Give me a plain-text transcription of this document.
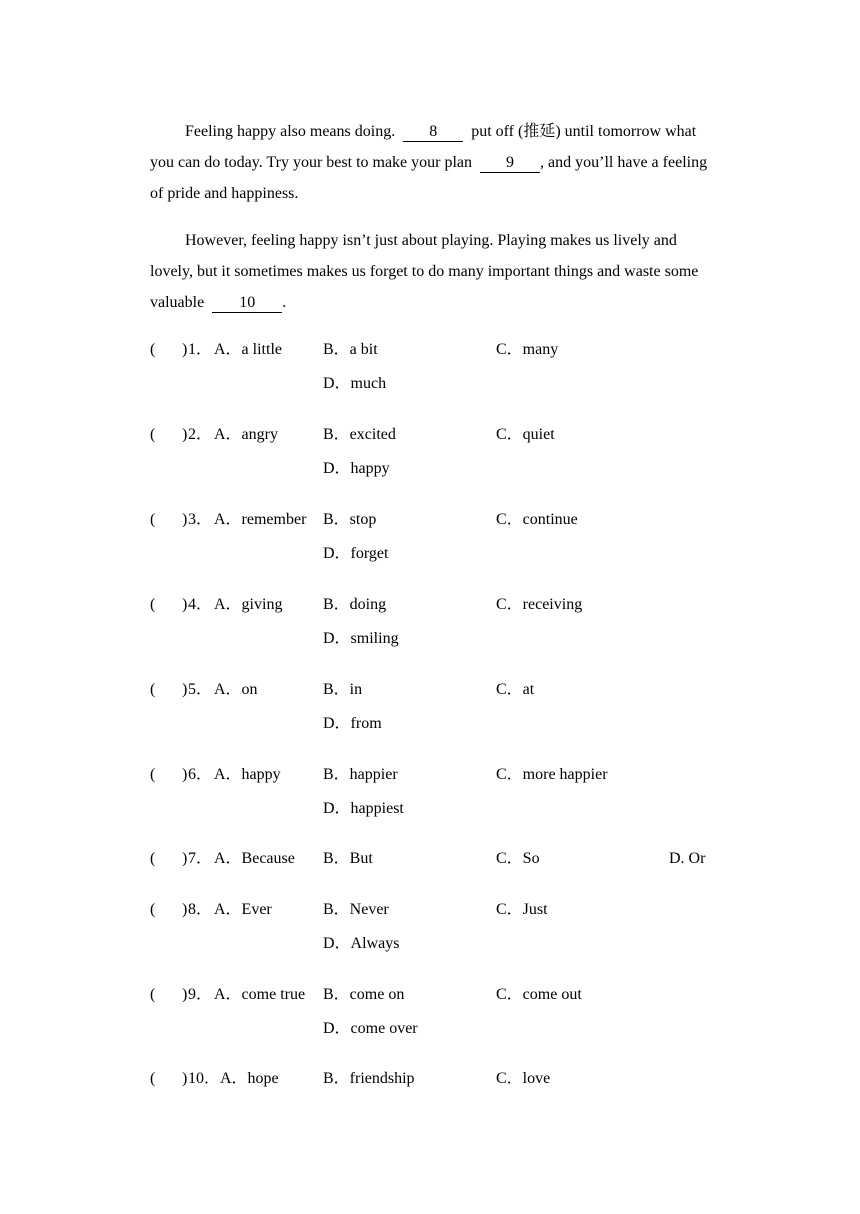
Feeling happy also means doing. 8 put off (推延) until tomorrow what you can do today. Try your best to make your plan 9 , and you’ll have a feeling of pride and happiness.

However, feeling happy isn’t just about playing. Playing makes us lively and lovely, but it sometimes makes us forget to do many important things and waste some valuable 10 .

( ) 1． A．a little	B．a bit	C．many
D．much
( ) 2． A．angry	B．excited	C．quiet
D．happy
( ) 3． A．remember B．stop	C．continue
D．forget
( ) 4． A．giving	B．doing	C．receiving
D．smiling
( ) 5． A．on	B．in	C．at
D．from
( ) 6． A．happy	B．happier	C．more happier
D．happiest
( ) 7． A．Because B．But	C．So	D. Or
( ) 8． A．Ever	B．Never	C．Just
D．Always
( ) 9． A．come true B．come on	C．come out
D．come over
( ) 10． A．hope	B．friendship	C．love
